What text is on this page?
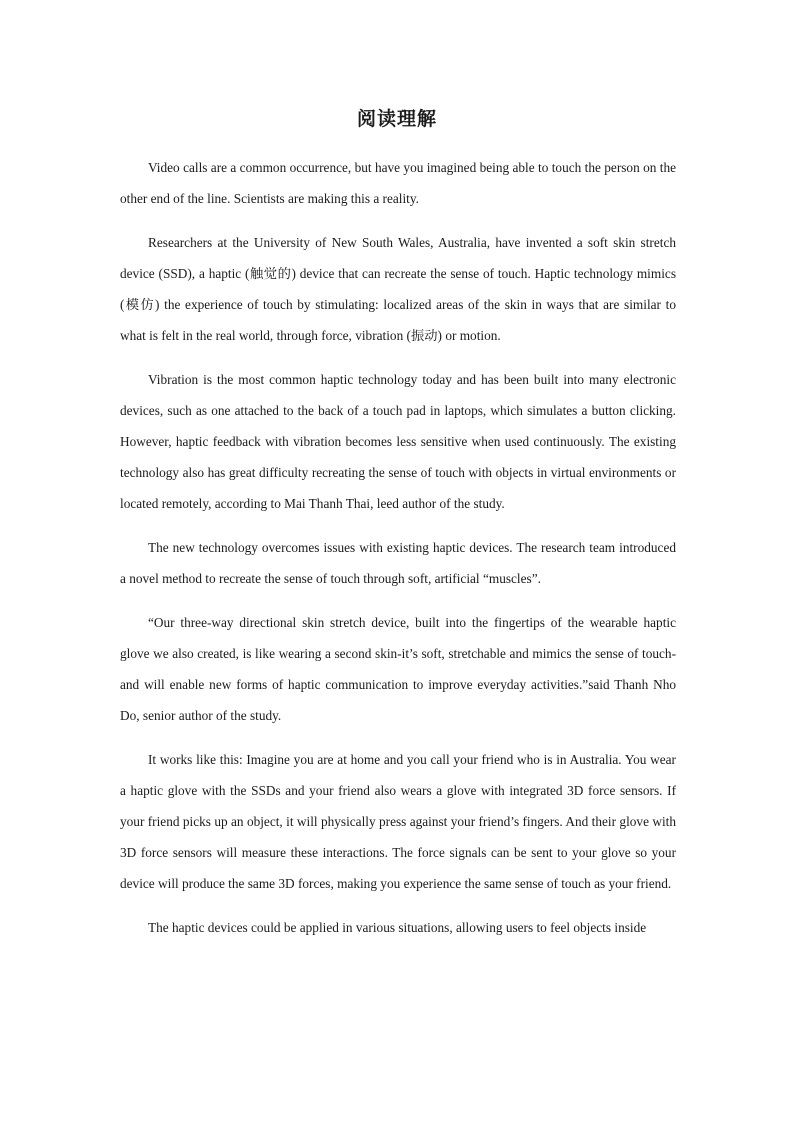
阅读理解

Video calls are a common occurrence, but have you imagined being able to touch the person on the other end of the line. Scientists are making this a reality.

Researchers at the University of New South Wales, Australia, have invented a soft skin stretch device (SSD), a haptic (触觉的) device that can recreate the sense of touch. Haptic technology mimics (模仿) the experience of touch by stimulating: localized areas of the skin in ways that are similar to what is felt in the real world, through force, vibration (振动) or motion.

Vibration is the most common haptic technology today and has been built into many electronic devices, such as one attached to the back of a touch pad in laptops, which simulates a button clicking. However, haptic feedback with vibration becomes less sensitive when used continuously. The existing technology also has great difficulty recreating the sense of touch with objects in virtual environments or located remotely, according to Mai Thanh Thai, leed author of the study.

The new technology overcomes issues with existing haptic devices. The research team introduced a novel method to recreate the sense of touch through soft, artificial “muscles”.

“Our three-way directional skin stretch device, built into the fingertips of the wearable haptic glove we also created, is like wearing a second skin-it’s soft, stretchable and mimics the sense of touch-and will enable new forms of haptic communication to improve everyday activities.”said Thanh Nho Do, senior author of the study.

It works like this: Imagine you are at home and you call your friend who is in Australia. You wear a haptic glove with the SSDs and your friend also wears a glove with integrated 3D force sensors. If your friend picks up an object, it will physically press against your friend’s fingers. And their glove with 3D force sensors will measure these interactions. The force signals can be sent to your glove so your device will produce the same 3D forces, making you experience the same sense of touch as your friend.

The haptic devices could be applied in various situations, allowing users to feel objects inside
